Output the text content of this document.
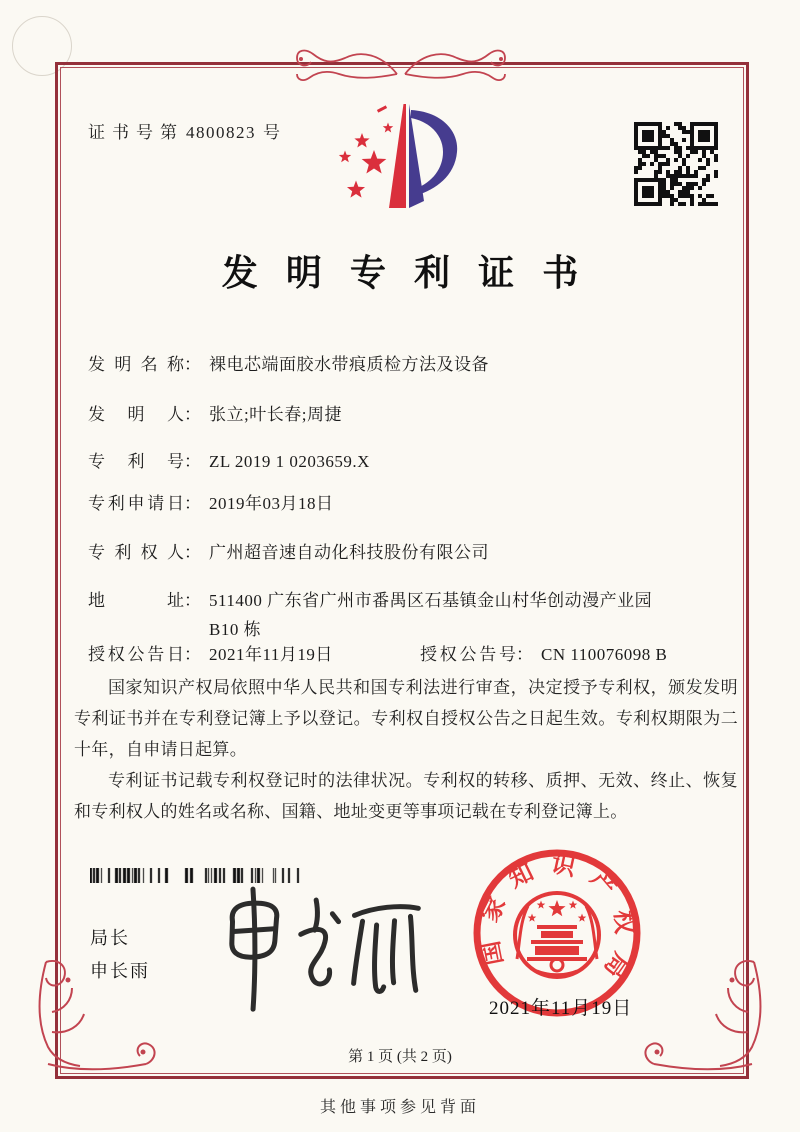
证书号第 4800823 号
发明专利证书
发明名称： 裸电芯端面胶水带痕质检方法及设备
发明人： 张立;叶长春;周捷
专利号： ZL 2019 1 0203659.X
专利申请日： 2019年03月18日
专利权人： 广州超音速自动化科技股份有限公司
地址： 511400 广东省广州市番禺区石基镇金山村华创动漫产业园 B10 栋
授权公告日： 2021年11月19日	授权公告号： CN 110076098 B

国家知识产权局依照中华人民共和国专利法进行审查，决定授予专利权，颁发发明专利证书并在专利登记簿上予以登记。专利权自授权公告之日起生效。专利权期限为二十年，自申请日起算。

专利证书记载专利权登记时的法律状况。专利权的转移、质押、无效、终止、恢复和专利权人的姓名或名称、国籍、地址变更等事项记载在专利登记簿上。

局长
申长雨
国家知识产权局
2021年11月19日
第 1 页 (共 2 页)
其他事项参见背面
